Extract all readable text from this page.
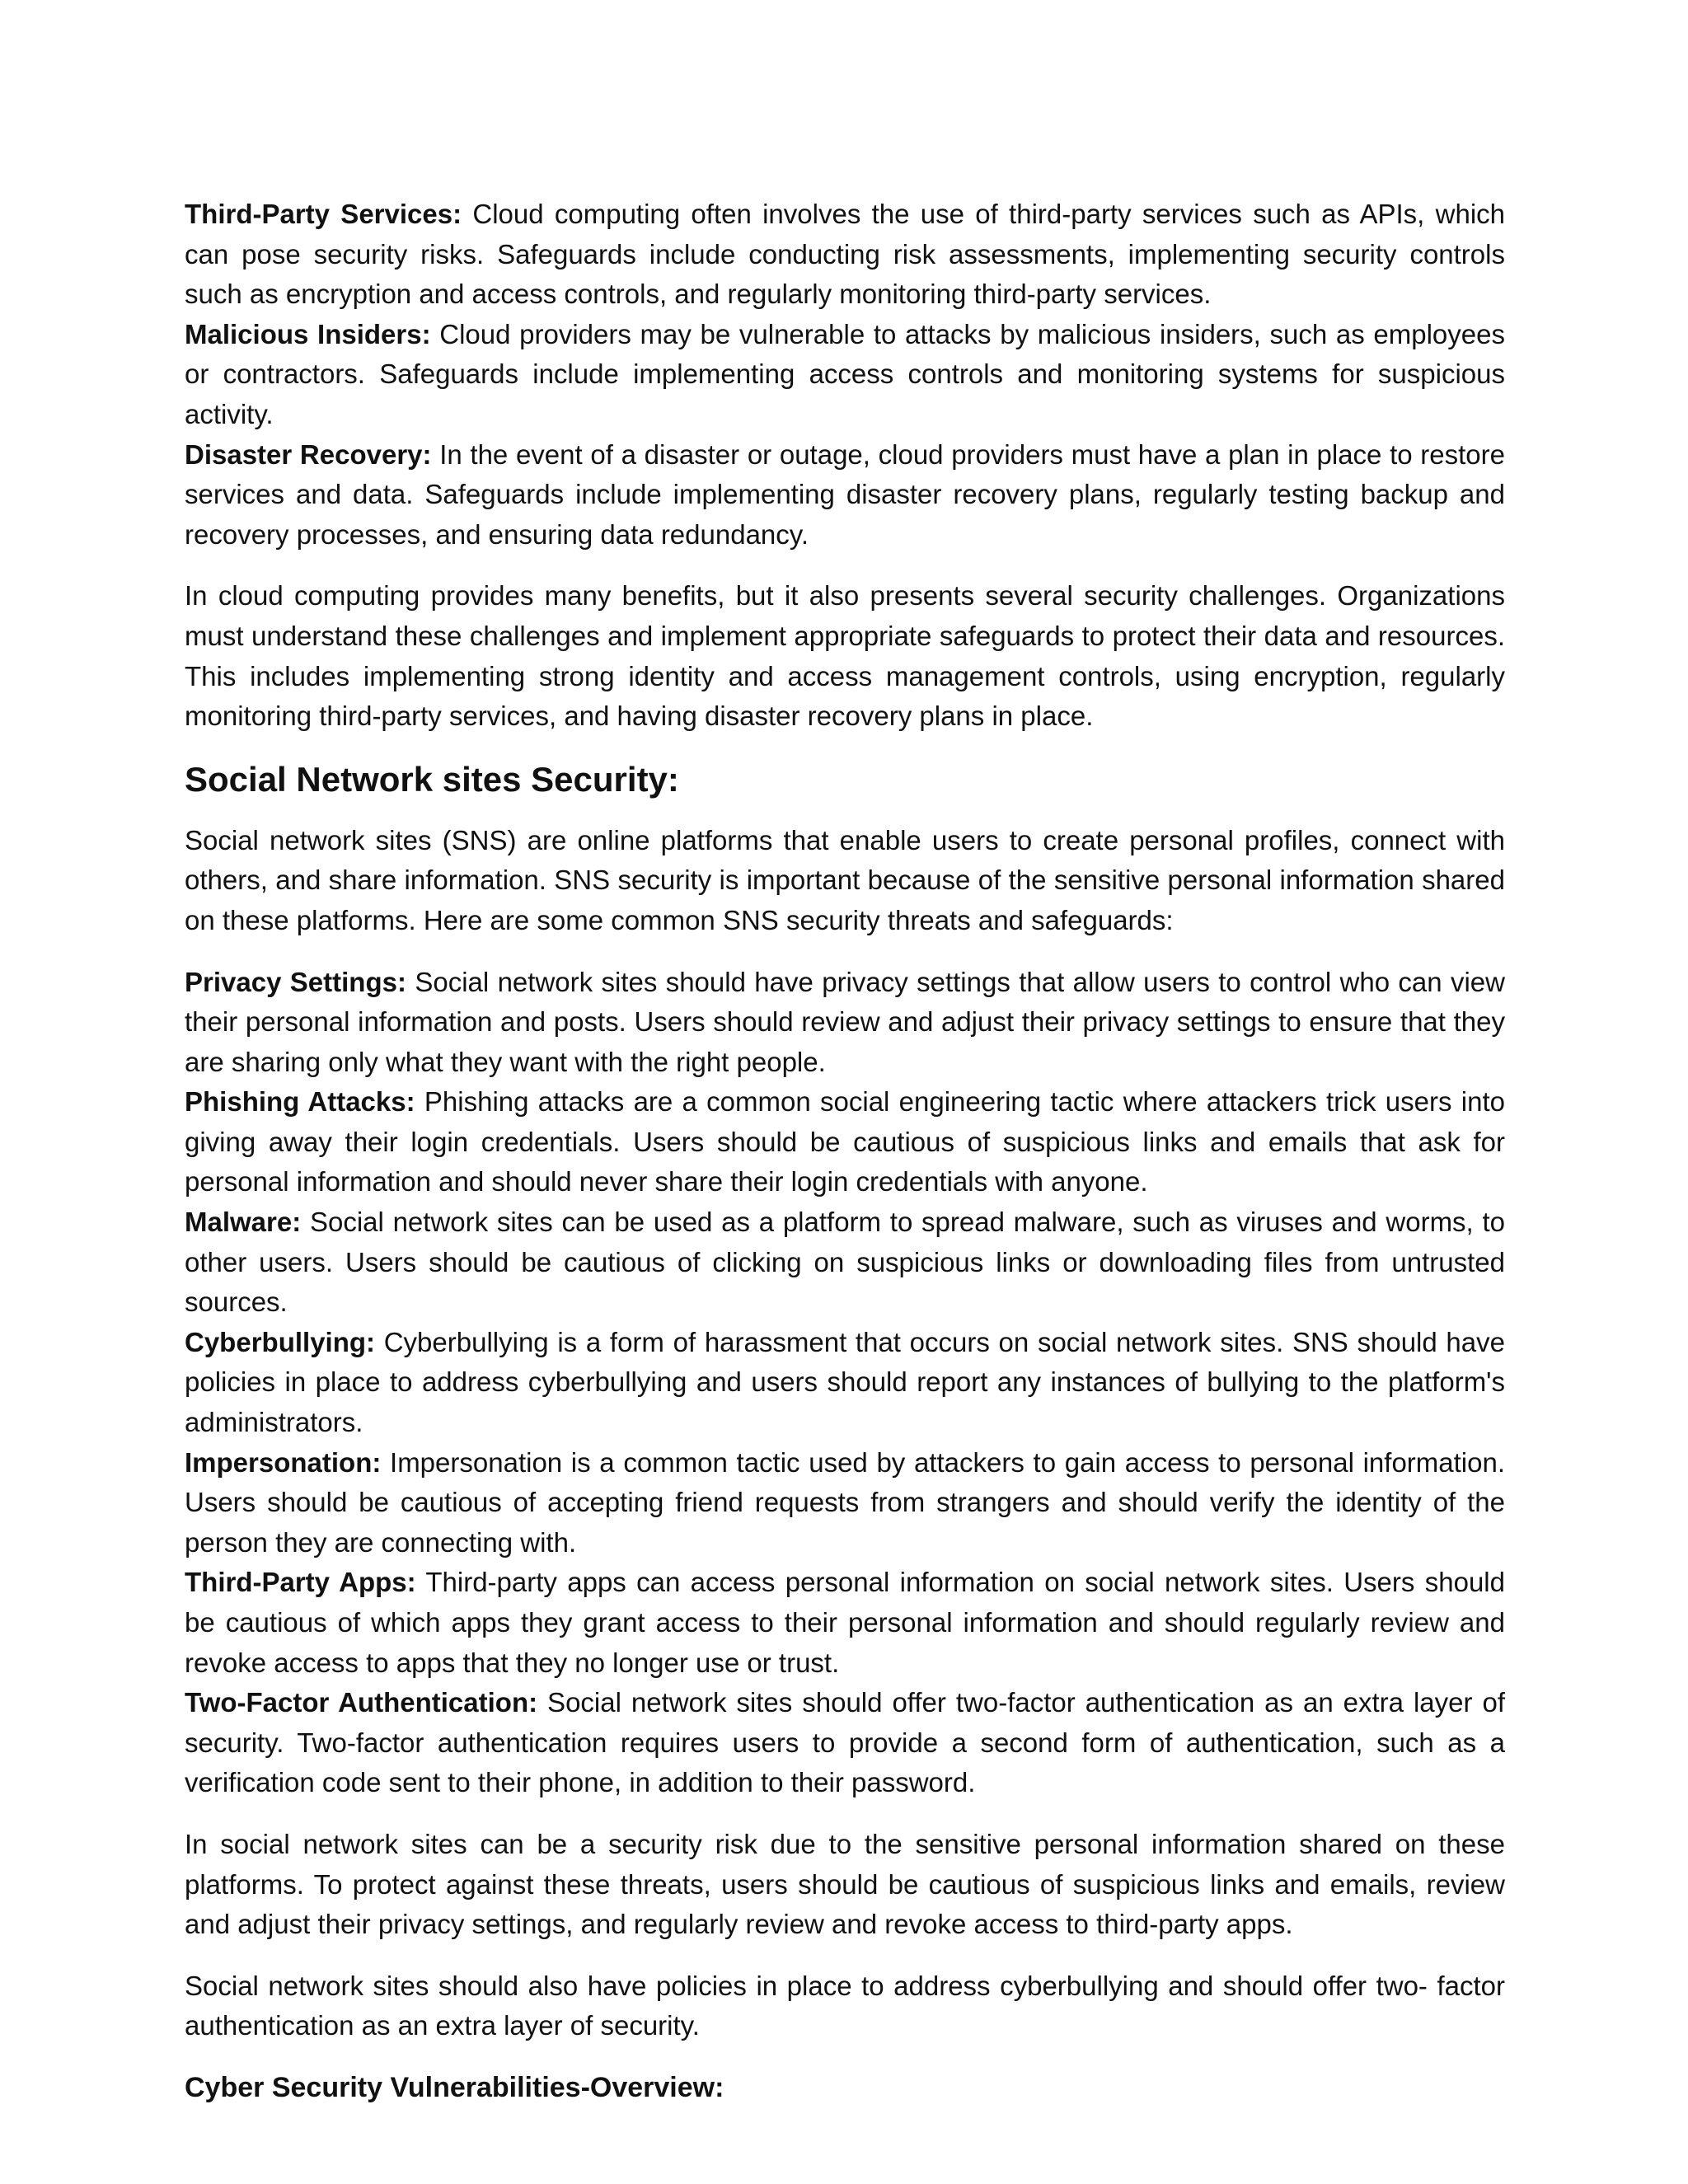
Third-Party Services: Cloud computing often involves the use of third-party services such as APIs, which can pose security risks. Safeguards include conducting risk assessments, implementing security controls such as encryption and access controls, and regularly monitoring third-party services.

Malicious Insiders: Cloud providers may be vulnerable to attacks by malicious insiders, such as employees or contractors. Safeguards include implementing access controls and monitoring systems for suspicious activity.

Disaster Recovery: In the event of a disaster or outage, cloud providers must have a plan in place to restore services and data. Safeguards include implementing disaster recovery plans, regularly testing backup and recovery processes, and ensuring data redundancy.

In cloud computing provides many benefits, but it also presents several security challenges. Organizations must understand these challenges and implement appropriate safeguards to protect their data and resources. This includes implementing strong identity and access management controls, using encryption, regularly monitoring third-party services, and having disaster recovery plans in place.

Social Network sites Security:

Social network sites (SNS) are online platforms that enable users to create personal profiles, connect with others, and share information. SNS security is important because of the sensitive personal information shared on these platforms. Here are some common SNS security threats and safeguards:

Privacy Settings: Social network sites should have privacy settings that allow users to control who can view their personal information and posts. Users should review and adjust their privacy settings to ensure that they are sharing only what they want with the right people.

Phishing Attacks: Phishing attacks are a common social engineering tactic where attackers trick users into giving away their login credentials. Users should be cautious of suspicious links and emails that ask for personal information and should never share their login credentials with anyone.

Malware: Social network sites can be used as a platform to spread malware, such as viruses and worms, to other users. Users should be cautious of clicking on suspicious links or downloading files from untrusted sources.

Cyberbullying: Cyberbullying is a form of harassment that occurs on social network sites. SNS should have policies in place to address cyberbullying and users should report any instances of bullying to the platform's administrators.

Impersonation: Impersonation is a common tactic used by attackers to gain access to personal information. Users should be cautious of accepting friend requests from strangers and should verify the identity of the person they are connecting with.

Third-Party Apps: Third-party apps can access personal information on social network sites. Users should be cautious of which apps they grant access to their personal information and should regularly review and revoke access to apps that they no longer use or trust.

Two-Factor Authentication: Social network sites should offer two-factor authentication as an extra layer of security. Two-factor authentication requires users to provide a second form of authentication, such as a verification code sent to their phone, in addition to their password.

In social network sites can be a security risk due to the sensitive personal information shared on these platforms. To protect against these threats, users should be cautious of suspicious links and emails, review and adjust their privacy settings, and regularly review and revoke access to third-party apps.

Social network sites should also have policies in place to address cyberbullying and should offer two- factor authentication as an extra layer of security.

Cyber Security Vulnerabilities-Overview:
